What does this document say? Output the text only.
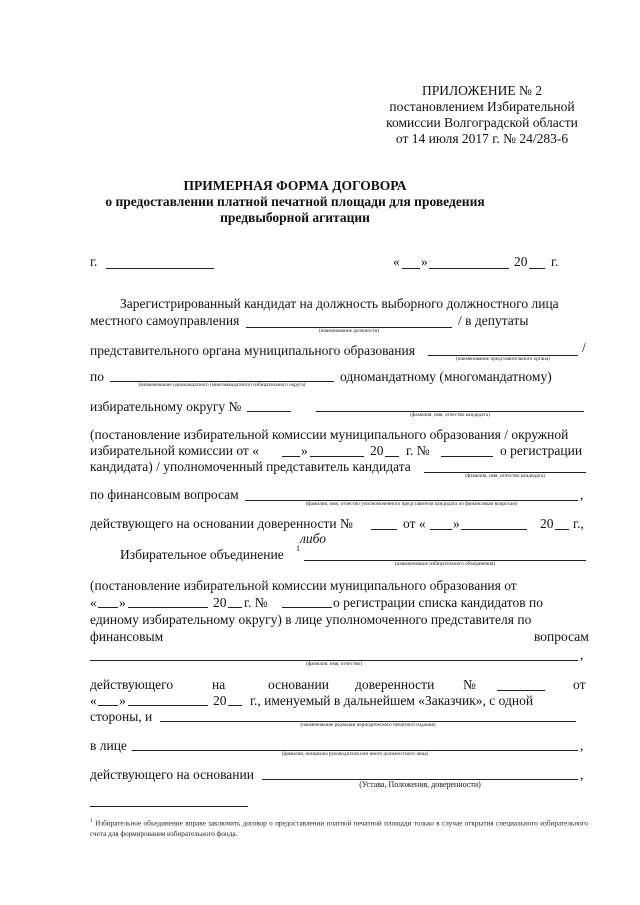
ПРИЛОЖЕНИЕ № 2
постановлением Избирательной
комиссии Волгоградской области
от 14 июля 2017 г. № 24/283-6
ПРИМЕРНАЯ ФОРМА ДОГОВОРА
о предоставлении платной печатной площади для проведения
предвыборной агитации
г.	« »	20 г.
Зарегистрированный кандидат на должность выборного должностного лица
местного самоуправления
(наименование должности)
/ в депутаты
представительного органа муниципального образования
(наименование представительного органа)
/
по
(наименование одномандатного (многомандатного) избирательного округа)
одномандатному (многомандатному)
избирательному округу №
(фамилия, имя, отчество кандидата)
(постановление избирательной комиссии муниципального образования / окружной
избирательной комиссии от «	»	20 г. №	о регистрации
кандидата) / уполномоченный представитель кандидата
(фамилия, имя, отчество кандидата)
по финансовым вопросам
(фамилия, имя, отчество уполномоченного представителя кандидата по финансовым вопросам)
,
действующего на основании доверенности №	от « »	20 г.,
либо
Избирательное объединение 1
(наименование избирательного объединения)
(постановление избирательной комиссии муниципального образования от
« »	20 г. №	о регистрации списка кандидатов по
единому избирательному округу) в лице уполномоченного представителя по
финансовым	вопросам
(фамилия, имя, отчество)
,
действующего	на	основании доверенности №	от
« »	20 г., именуемый в дальнейшем «Заказчик», с одной
стороны, и
(наименование редакции периодического печатного издания)
в лице
(фамилия, инициалы руководителя или иного должностного лица)
,
действующего на основании
(Устава, Положения, доверенности)
,
$^1$ Избирательное объединение вправе заключить договор о предоставлении платной печатной площади только в случае открытия специального избирательного счета для формирования избирательного фонда.
